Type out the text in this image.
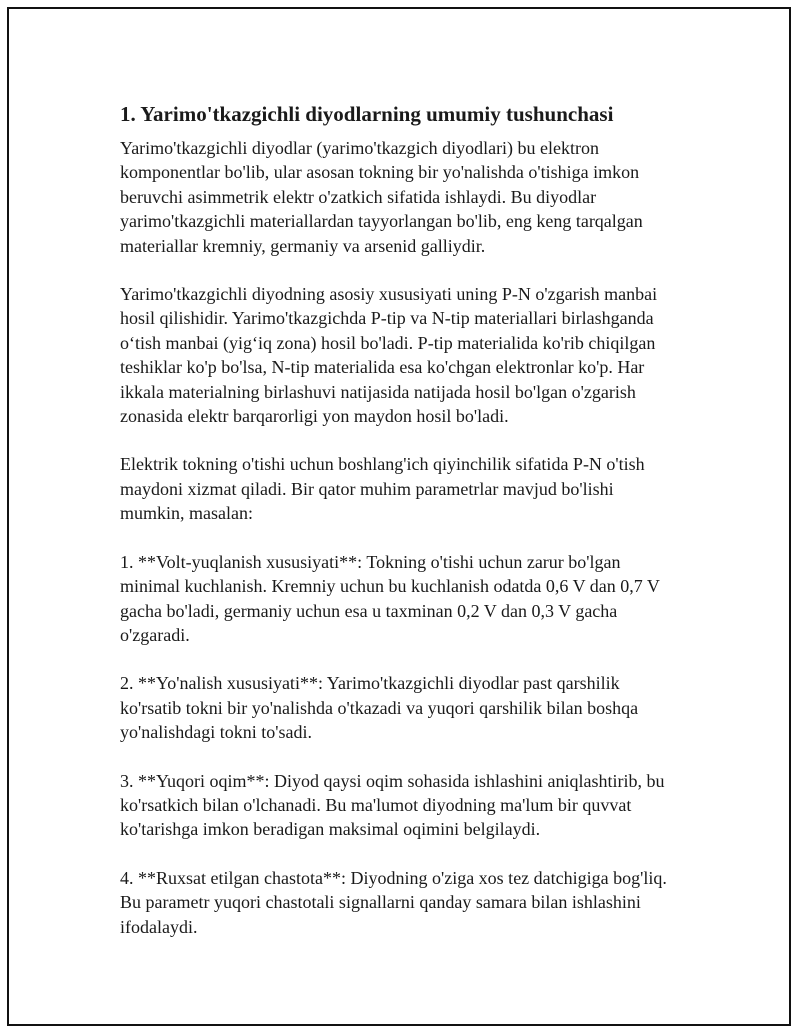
1. Yarimo'tkazgichli diyodlarning umumiy tushunchasi

Yarimo'tkazgichli diyodlar (yarimo'tkazgich diyodlari) bu elektron
komponentlar bo'lib, ular asosan tokning bir yo'nalishda o'tishiga imkon
beruvchi asimmetrik elektr o'zatkich sifatida ishlaydi. Bu diyodlar
yarimo'tkazgichli materiallardan tayyorlangan bo'lib, eng keng tarqalgan
materiallar kremniy, germaniy va arsenid galliydir.

Yarimo'tkazgichli diyodning asosiy xususiyati uning P-N o'zgarish manbai
hosil qilishidir. Yarimo'tkazgichda P-tip va N-tip materiallari birlashganda
o‘tish manbai (yig‘iq zona) hosil bo'ladi. P-tip materialida ko'rib chiqilgan
teshiklar ko'p bo'lsa, N-tip materialida esa ko'chgan elektronlar ko'p. Har
ikkala materialning birlashuvi natijasida natijada hosil bo'lgan o'zgarish
zonasida elektr barqarorligi yon maydon hosil bo'ladi.

Elektrik tokning o'tishi uchun boshlang'ich qiyinchilik sifatida P-N o'tish
maydoni xizmat qiladi. Bir qator muhim parametrlar mavjud bo'lishi
mumkin, masalan:

1. **Volt-yuqlanish xususiyati**: Tokning o'tishi uchun zarur bo'lgan
minimal kuchlanish. Kremniy uchun bu kuchlanish odatda 0,6 V dan 0,7 V
gacha bo'ladi, germaniy uchun esa u taxminan 0,2 V dan 0,3 V gacha
o'zgaradi.

2. **Yo'nalish xususiyati**: Yarimo'tkazgichli diyodlar past qarshilik
ko'rsatib tokni bir yo'nalishda o'tkazadi va yuqori qarshilik bilan boshqa
yo'nalishdagi tokni to'sadi.

3. **Yuqori oqim**: Diyod qaysi oqim sohasida ishlashini aniqlashtirib, bu
ko'rsatkich bilan o'lchanadi. Bu ma'lumot diyodning ma'lum bir quvvat
ko'tarishga imkon beradigan maksimal oqimini belgilaydi.

4. **Ruxsat etilgan chastota**: Diyodning o'ziga xos tez datchigiga bog'liq.
Bu parametr yuqori chastotali signallarni qanday samara bilan ishlashini
ifodalaydi.
